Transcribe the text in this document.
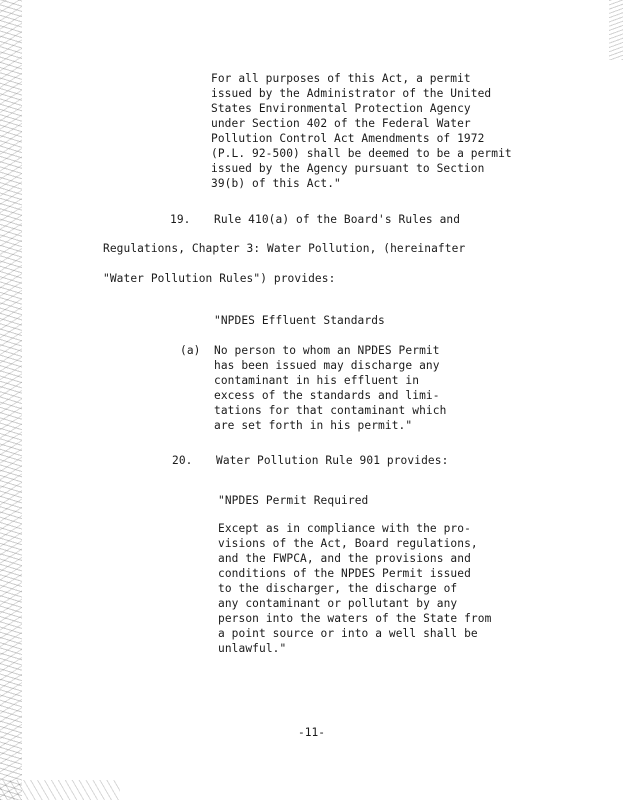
For all purposes of this Act, a permit
issued by the Administrator of the United
States Environmental Protection Agency
under Section 402 of the Federal Water
Pollution Control Act Amendments of 1972
(P.L. 92-500) shall be deemed to be a permit
issued by the Agency pursuant to Section
39(b) of this Act."
19. Rule 410(a) of the Board's Rules and
Regulations, Chapter 3: Water Pollution, (hereinafter
"Water Pollution Rules") provides:
"NPDES Effluent Standards
(a) No person to whom an NPDES Permit
has been issued may discharge any
contaminant in his effluent in
excess of the standards and limi-
tations for that contaminant which
are set forth in his permit."
20. Water Pollution Rule 901 provides:
"NPDES Permit Required
Except as in compliance with the pro-
visions of the Act, Board regulations,
and the FWPCA, and the provisions and
conditions of the NPDES Permit issued
to the discharger, the discharge of
any contaminant or pollutant by any
person into the waters of the State from
a point source or into a well shall be
unlawful."
-11-
